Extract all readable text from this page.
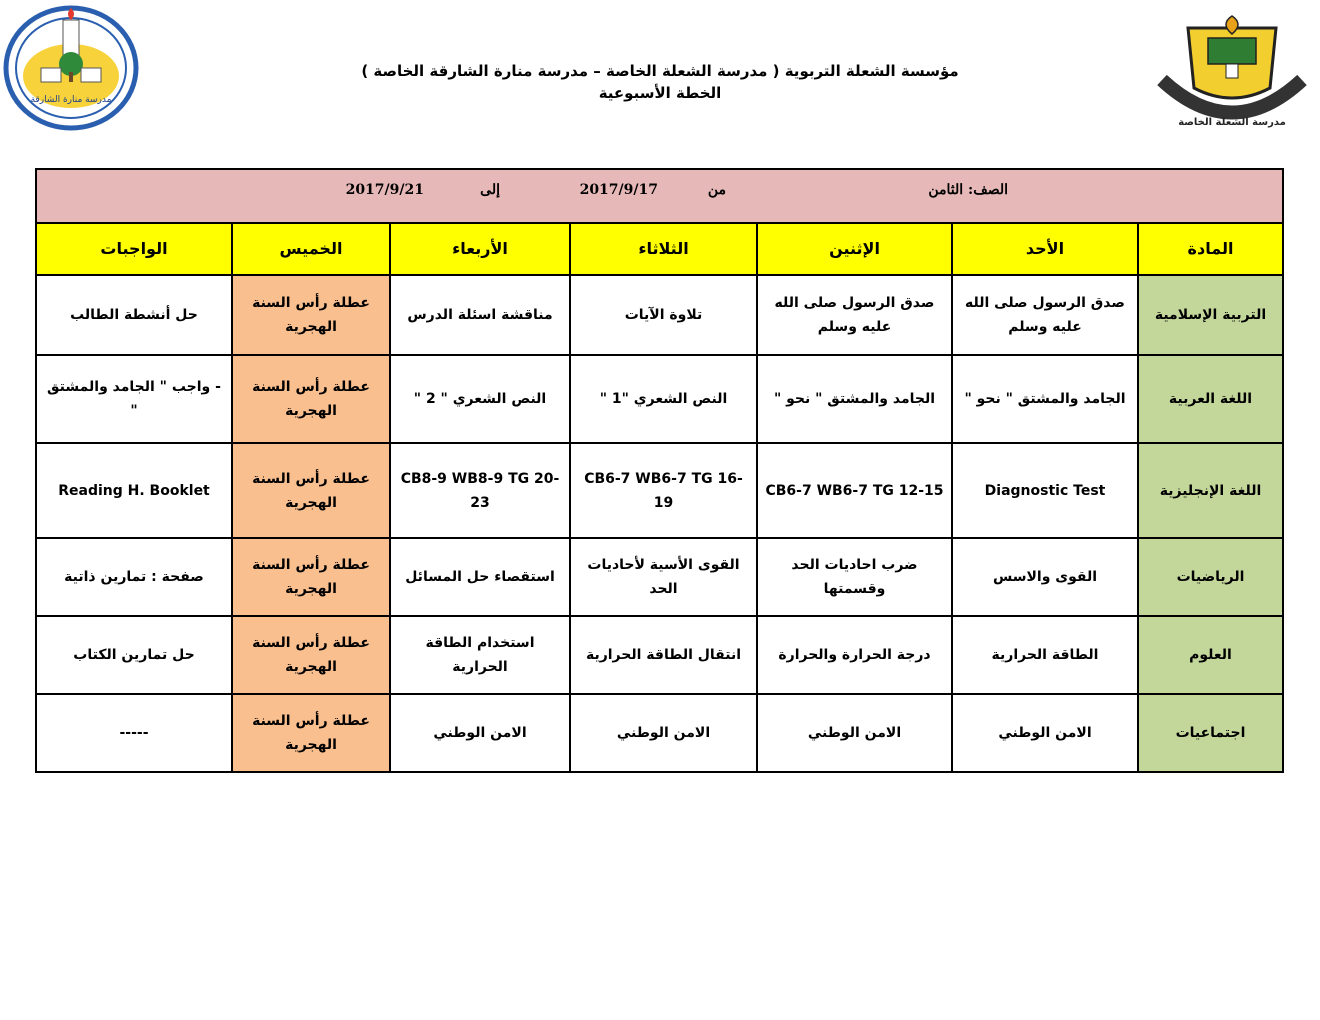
مدرسة منارة الشارقة
مؤسسة الشعلة التربوية ( مدرسة الشعلة الخاصة – مدرسة منارة الشارقة الخاصة )
الخطة الأسبوعية
مدرسة الشعلة الخاصة
الصف: الثامن
من
2017/9/17
إلى
2017/9/21						

المادة	الأحد	الإثنين	الثلاثاء	الأربعاء	الخميس	الواجبات
التربية الإسلامية	صدق الرسول صلى الله عليه وسلم	صدق الرسول صلى الله عليه وسلم	تلاوة الآيات	مناقشة اسئلة الدرس	عطلة رأس السنة الهجرية	حل أنشطة الطالب
اللغة العربية	الجامد والمشتق " نحو "	الجامد والمشتق " نحو "	النص الشعري "1 "	النص الشعري " 2 "	عطلة رأس السنة الهجرية	- واجب " الجامد والمشتق "
اللغة الإنجليزية	Diagnostic Test	CB6-7 WB6-7 TG 12-15	CB6-7 WB6-7 TG 16-19	CB8-9 WB8-9 TG 20-23	عطلة رأس السنة الهجرية	Reading H. Booklet
الرياضيات	القوى والاسس	ضرب احاديات الحد وقسمتها	القوى الأسية لأحاديات الحد	استقصاء حل المسائل	عطلة رأس السنة الهجرية	صفحة : تمارين ذاتية
العلوم	الطاقة الحرارية	درجة الحرارة والحرارة	انتقال الطاقة الحرارية	استخدام الطاقة الحرارية	عطلة رأس السنة الهجرية	حل تمارين الكتاب
اجتماعيات	الامن الوطني	الامن الوطني	الامن الوطني	الامن الوطني	عطلة رأس السنة الهجرية	-----
